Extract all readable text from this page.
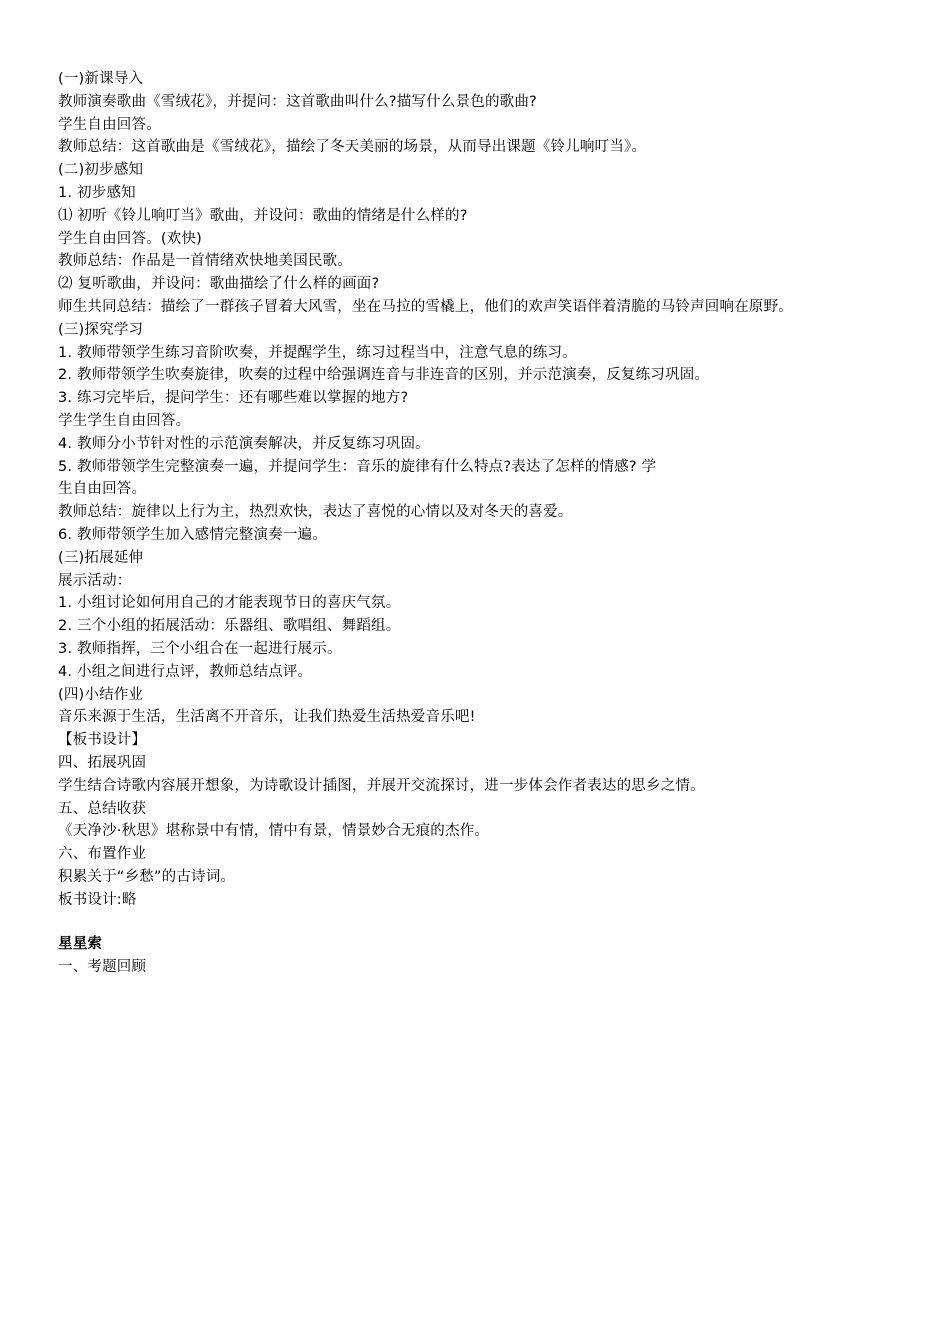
(一)新课导入
教师演奏歌曲《雪绒花》，并提问：这首歌曲叫什么?描写什么景色的歌曲?
学生自由回答。
教师总结：这首歌曲是《雪绒花》，描绘了冬天美丽的场景，从而导出课题《铃儿响叮当》。
(二)初步感知
1. 初步感知
⑴ 初听《铃儿响叮当》歌曲，并设问：歌曲的情绪是什么样的?
学生自由回答。(欢快)
教师总结：作品是一首情绪欢快地美国民歌。
⑵ 复听歌曲，并设问：歌曲描绘了什么样的画面?
师生共同总结：描绘了一群孩子冒着大风雪，坐在马拉的雪橇上，他们的欢声笑语伴着清脆的马铃声回响在原野。
(三)探究学习
1. 教师带领学生练习音阶吹奏，并提醒学生，练习过程当中，注意气息的练习。
2. 教师带领学生吹奏旋律，吹奏的过程中给强调连音与非连音的区别，并示范演奏，反复练习巩固。
3. 练习完毕后，提问学生：还有哪些难以掌握的地方?
学生学生自由回答。
4. 教师分小节针对性的示范演奏解决，并反复练习巩固。
5. 教师带领学生完整演奏一遍，并提问学生：音乐的旋律有什么特点?表达了怎样的情感? 学
生自由回答。
教师总结：旋律以上行为主，热烈欢快，表达了喜悦的心情以及对冬天的喜爱。
6. 教师带领学生加入感情完整演奏一遍。
(三)拓展延伸
展示活动：
1. 小组讨论如何用自己的才能表现节日的喜庆气氛。
2. 三个小组的拓展活动：乐器组、歌唱组、舞蹈组。
3. 教师指挥，三个小组合在一起进行展示。
4. 小组之间进行点评，教师总结点评。
(四)小结作业
音乐来源于生活，生活离不开音乐，让我们热爱生活热爱音乐吧!
【板书设计】
四、拓展巩固
学生结合诗歌内容展开想象，为诗歌设计插图，并展开交流探讨，进一步体会作者表达的思乡之情。
五、总结收获
《天净沙·秋思》堪称景中有情，情中有景，情景妙合无痕的杰作。
六、布置作业
积累关于“乡愁”的古诗词。
板书设计:略
星星索
一、考题回顾
